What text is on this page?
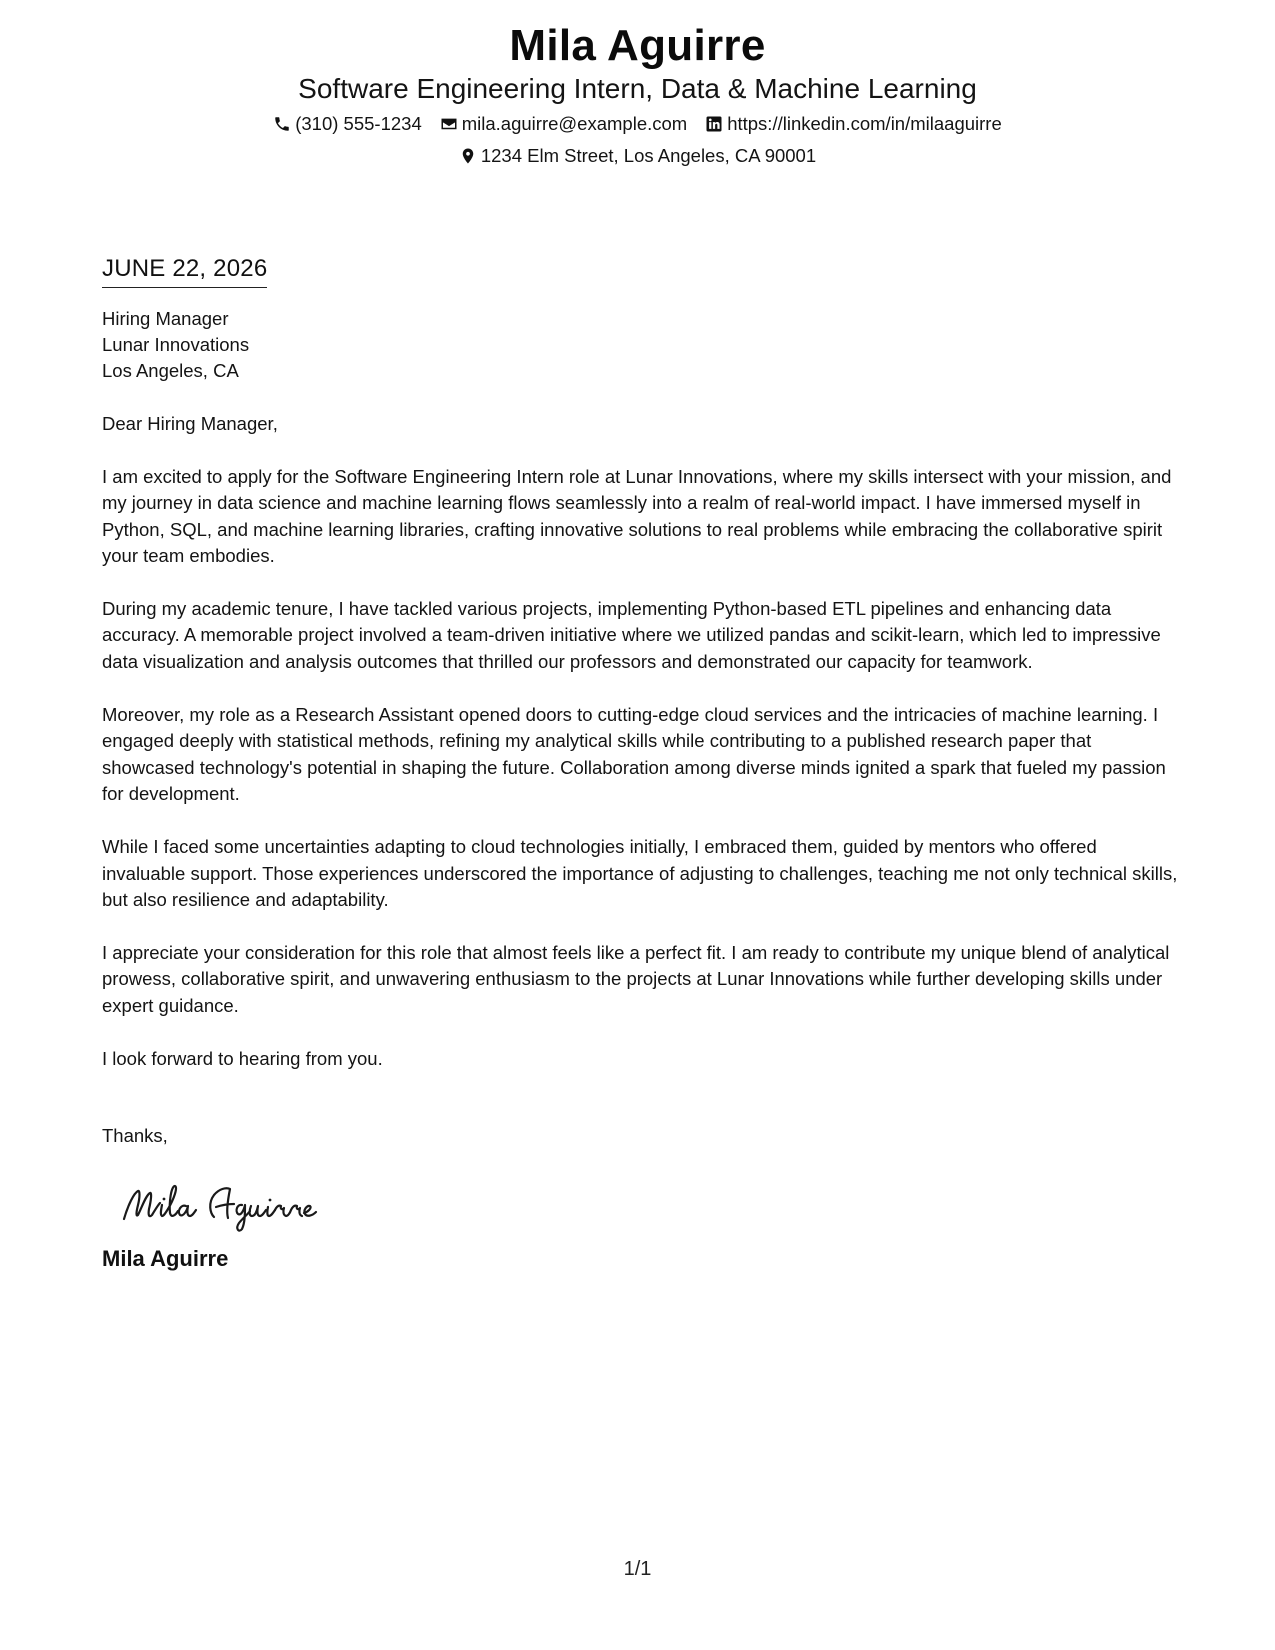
Mila Aguirre
Software Engineering Intern, Data & Machine Learning
(310) 555-1234 mila.aguirre@example.com https://linkedin.com/in/milaaguirre
1234 Elm Street, Los Angeles, CA 90001
JUNE 22, 2026
Hiring Manager
Lunar Innovations
Los Angeles, CA
Dear Hiring Manager,
I am excited to apply for the Software Engineering Intern role at Lunar Innovations, where my skills intersect with your mission, and my journey in data science and machine learning flows seamlessly into a realm of real-world impact. I have immersed myself in Python, SQL, and machine learning libraries, crafting innovative solutions to real problems while embracing the collaborative spirit your team embodies.
During my academic tenure, I have tackled various projects, implementing Python-based ETL pipelines and enhancing data accuracy. A memorable project involved a team-driven initiative where we utilized pandas and scikit-learn, which led to impressive data visualization and analysis outcomes that thrilled our professors and demonstrated our capacity for teamwork.
Moreover, my role as a Research Assistant opened doors to cutting-edge cloud services and the intricacies of machine learning. I engaged deeply with statistical methods, refining my analytical skills while contributing to a published research paper that showcased technology's potential in shaping the future. Collaboration among diverse minds ignited a spark that fueled my passion for development.
While I faced some uncertainties adapting to cloud technologies initially, I embraced them, guided by mentors who offered invaluable support. Those experiences underscored the importance of adjusting to challenges, teaching me not only technical skills, but also resilience and adaptability.
I appreciate your consideration for this role that almost feels like a perfect fit. I am ready to contribute my unique blend of analytical prowess, collaborative spirit, and unwavering enthusiasm to the projects at Lunar Innovations while further developing skills under expert guidance.
I look forward to hearing from you.
Thanks,
Mila Aguirre
1/1
